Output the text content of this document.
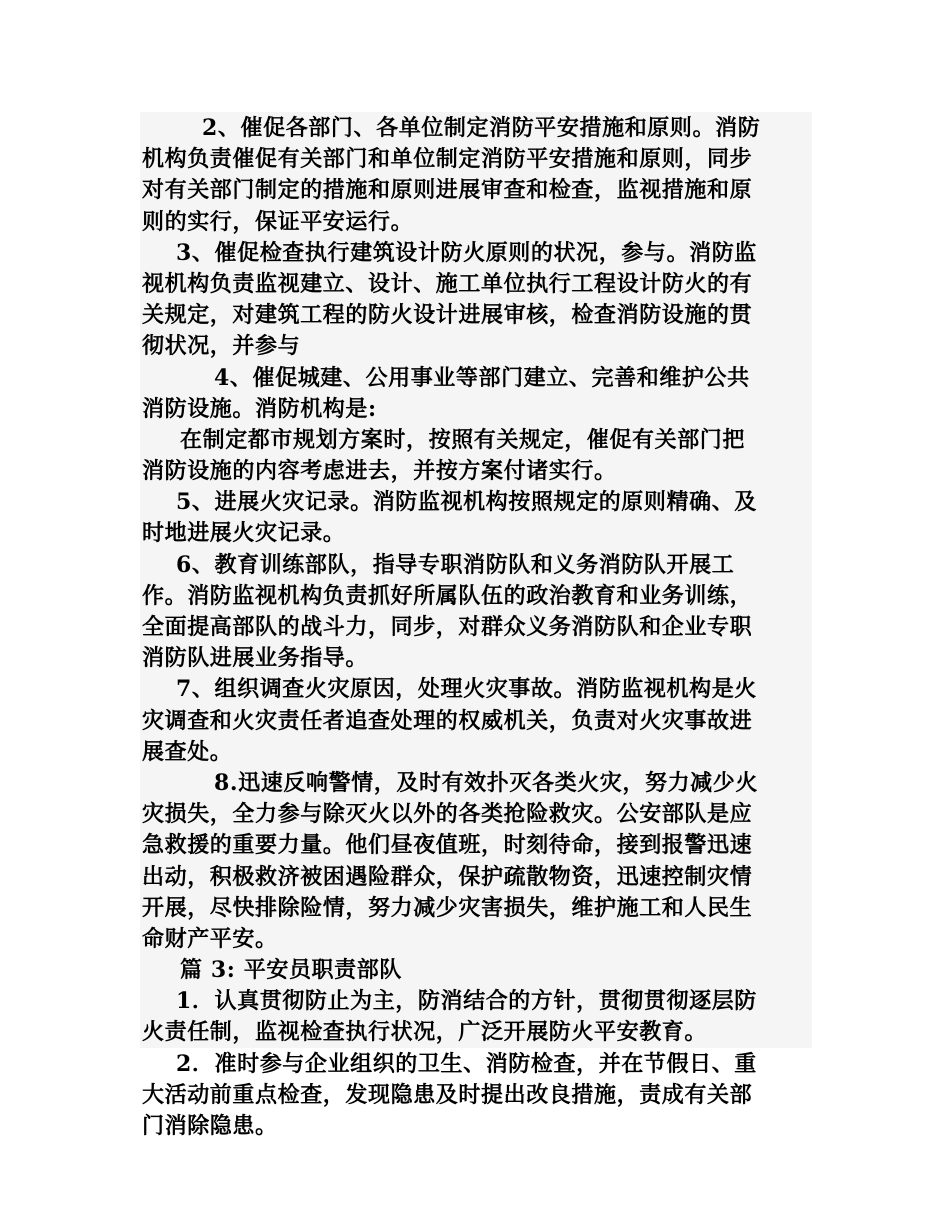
2、催促各部门、各单位制定消防平安措施和原则。消防
机构负责催促有关部门和单位制定消防平安措施和原则，同步
对有关部门制定的措施和原则进展审查和检查，监视措施和原
则的实行，保证平安运行。
3、催促检查执行建筑设计防火原则的状况，参与。消防监
视机构负责监视建立、设计、施工单位执行工程设计防火的有
关规定，对建筑工程的防火设计进展审核，检查消防设施的贯
彻状况，并参与
4、催促城建、公用事业等部门建立、完善和维护公共
消防设施。消防机构是:
在制定都市规划方案时，按照有关规定，催促有关部门把
消防设施的内容考虑进去，并按方案付诸实行。
5、进展火灾记录。消防监视机构按照规定的原则精确、及
时地进展火灾记录。
6、教育训练部队，指导专职消防队和义务消防队开展工
作。消防监视机构负责抓好所属队伍的政治教育和业务训练，
全面提高部队的战斗力，同步，对群众义务消防队和企业专职
消防队进展业务指导。
7、组织调查火灾原因，处理火灾事故。消防监视机构是火
灾调查和火灾责任者追查处理的权威机关，负责对火灾事故进
展查处。
8.迅速反响警情，及时有效扑灭各类火灾，努力减少火
灾损失，全力参与除灭火以外的各类抢险救灾。公安部队是应
急救援的重要力量。他们昼夜值班，时刻待命，接到报警迅速
出动，积极救济被困遇险群众，保护疏散物资，迅速控制灾情
开展，尽快排除险情，努力减少灾害损失，维护施工和人民生
命财产平安。
篇 3: 平安员职责部队
1．认真贯彻防止为主，防消结合的方针，贯彻贯彻逐层防
火责任制，监视检查执行状况，广泛开展防火平安教育。
2．准时参与企业组织的卫生、消防检查，并在节假日、重
大活动前重点检查，发现隐患及时提出改良措施，责成有关部
门消除隐患。
